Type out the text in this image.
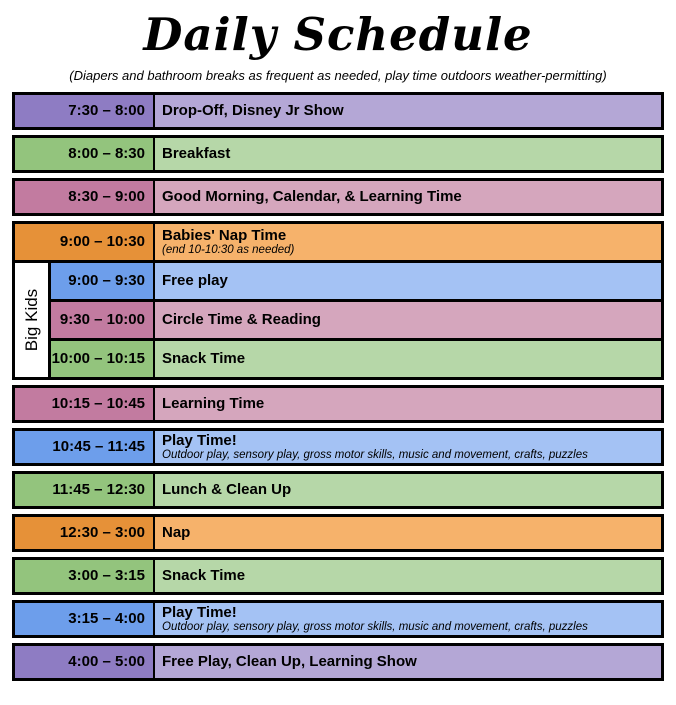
Daily Schedule
(Diapers and bathroom breaks as frequent as needed, play time outdoors weather-permitting)
7:30 – 8:00	Drop-Off, Disney Jr Show
8:00 – 8:30	Breakfast
8:30 – 9:00	Good Morning, Calendar, & Learning Time
9:00 – 10:30	Babies' Nap Time
(end 10-10:30 as needed)
Big Kids
9:00 – 9:30	Free play
9:30 – 10:00	Circle Time & Reading
10:00 – 10:15	Snack Time
10:15 – 10:45	Learning Time
10:45 – 11:45	Play Time!
Outdoor play, sensory play, gross motor skills, music and movement, crafts, puzzles
11:45 – 12:30	Lunch & Clean Up
12:30 – 3:00	Nap
3:00 – 3:15	Snack Time
3:15 – 4:00	Play Time!
Outdoor play, sensory play, gross motor skills, music and movement, crafts, puzzles
4:00 – 5:00	Free Play, Clean Up, Learning Show
